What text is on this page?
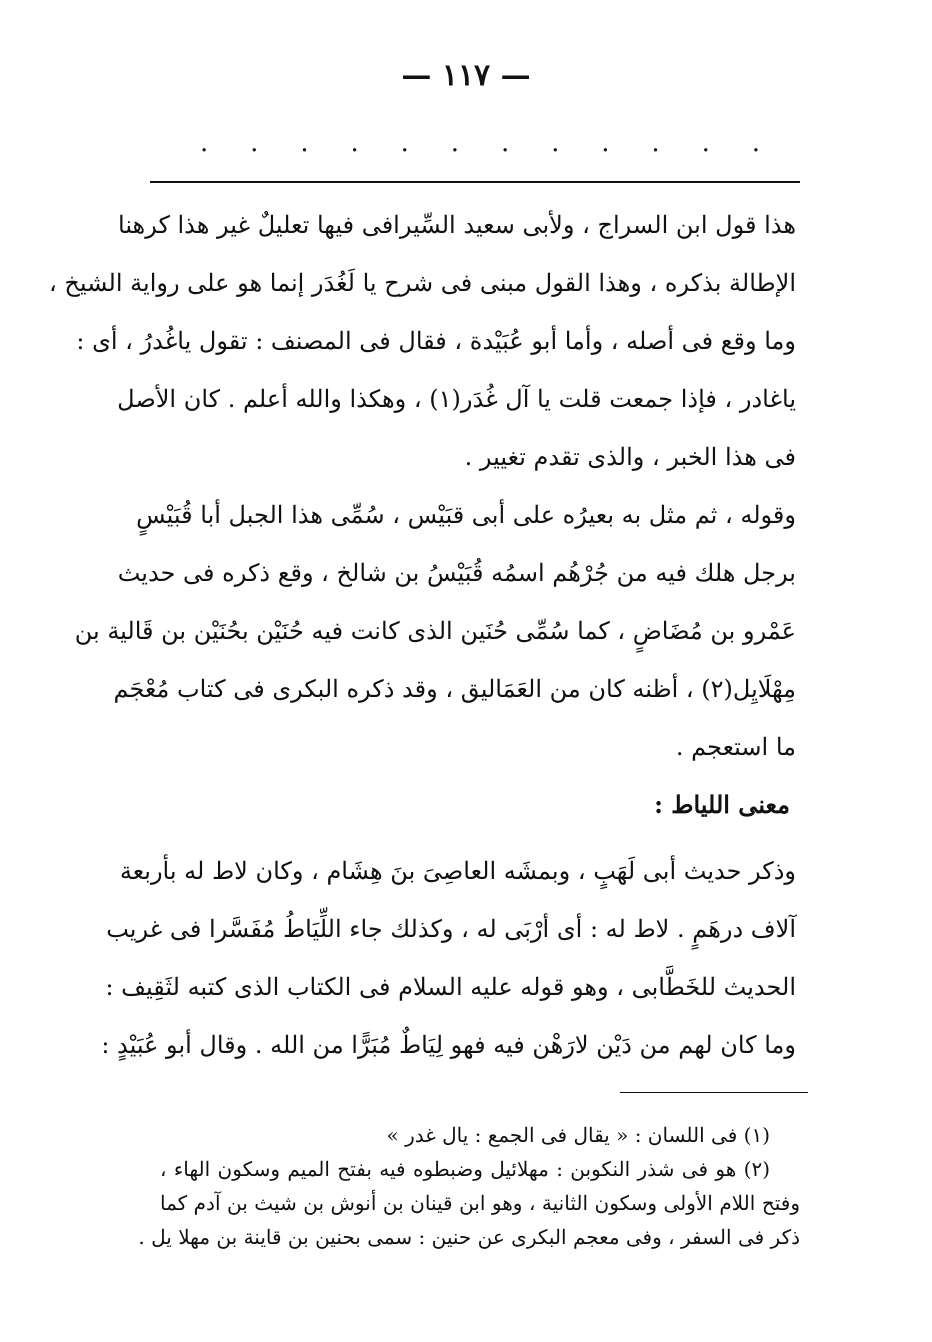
— ١١٧ —
. . . . . . . . . . . .
هذا قول ابن السراج ، ولأبى سعيد السِّيرافى فيها تعليلٌ غير هذا كرهنا
الإطالة بذكره ، وهذا القول مبنى فى شرح يا لَغُدَر إنما هو على رواية الشيخ ،
وما وقع فى أصله ، وأما أبو عُبَيْدة ، فقال فى المصنف : تقول ياغُدرُ ، أى :
ياغادر ، فإذا جمعت قلت يا آل غُدَر(١) ، وهكذا والله أعلم . كان الأصل
فى هذا الخبر ، والذى تقدم تغيير .
وقوله ، ثم مثل به بعيرُه على أبى قبَيْس ، سُمِّى هذا الجبل أبا قُبَيْسٍ
برجل هلك فيه من جُرْهُم اسمُه قُبَيْسُ بن شالخ ، وقع ذكره فى حديث
عَمْرو بن مُضَاضٍ ، كما سُمِّى حُنَين الذى كانت فيه حُنَيْن بحُنَيْن بن قَالية بن
مِهْلَايِل(٢) ، أظنه كان من العَمَاليق ، وقد ذكره البكرى فى كتاب مُعْجَم
ما استعجم .
معنى اللياط :
وذكر حديث أبى لَهَبٍ ، وبمشَه العاصِىَ بنَ هِشَام ، وكان لاط له بأربعة
آلاف درهَمٍ . لاط له : أى أرْبَى له ، وكذلك جاء اللِّيَاطُ مُفَسَّرا فى غريب
الحديث للخَطَّابى ، وهو قوله عليه السلام فى الكتاب الذى كتبه لثَقِيف :
وما كان لهم من دَيْن لارَهْن فيه فهو لِيَاطٌ مُبَرًّا من الله . وقال أبو عُبَيْدٍ :
(١) فى اللسان : « يقال فى الجمع : يال غدر »
(٢) هو فى شذر النكوبن : مهلائيل وضبطوه فيه بفتح الميم وسكون الهاء ،
وفتح اللام الأولى وسكون الثانية ، وهو ابن قينان بن أنوش بن شيث بن آدم كما
ذكر فى السفر ، وفى معجم البكرى عن حنين : سمى بحنين بن قاينة بن مهلا يل .
